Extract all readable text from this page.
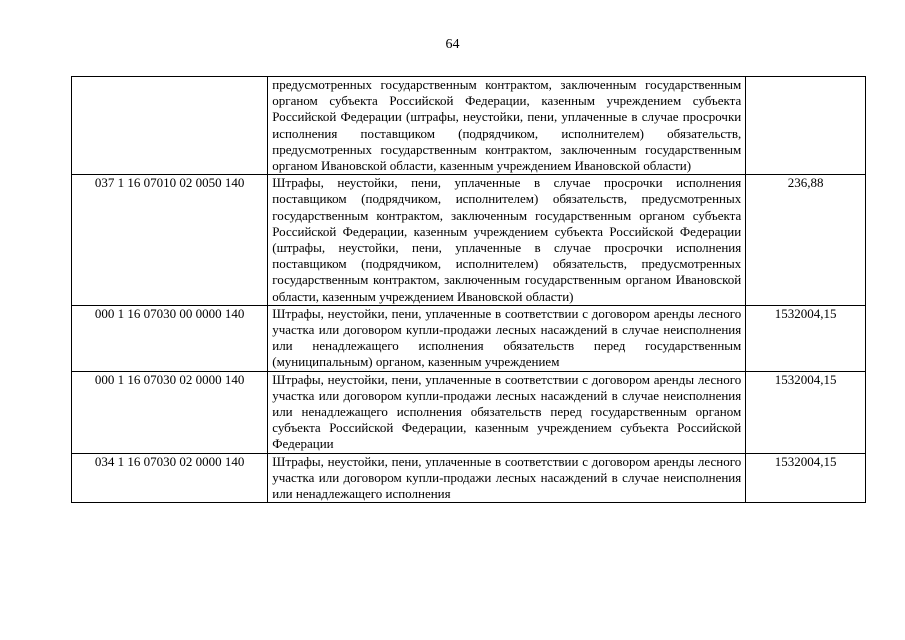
64
	предусмотренных государственным контрактом, заключенным государственным органом субъекта Российской Федерации, казенным учреждением субъекта Российской Федерации (штрафы, неустойки, пени, уплаченные в случае просрочки исполнения поставщиком (подрядчиком, исполнителем) обязательств, предусмотренных государственным контрактом, заключенным государственным органом Ивановской области, казенным учреждением Ивановской области)	
037 1 16 07010 02 0050 140	Штрафы, неустойки, пени, уплаченные в случае просрочки исполнения поставщиком (подрядчиком, исполнителем) обязательств, предусмотренных государственным контрактом, заключенным государственным органом субъекта Российской Федерации, казенным учреждением субъекта Российской Федерации (штрафы, неустойки, пени, уплаченные в случае просрочки исполнения поставщиком (подрядчиком, исполнителем) обязательств, предусмотренных государственным контрактом, заключенным государственным органом Ивановской области, казенным учреждением Ивановской области)	236,88
000 1 16 07030 00 0000 140	Штрафы, неустойки, пени, уплаченные в соответствии с договором аренды лесного участка или договором купли-продажи лесных насаждений в случае неисполнения или ненадлежащего исполнения обязательств перед государственным (муниципальным) органом, казенным учреждением	1532004,15
000 1 16 07030 02 0000 140	Штрафы, неустойки, пени, уплаченные в соответствии с договором аренды лесного участка или договором купли-продажи лесных насаждений в случае неисполнения или ненадлежащего исполнения обязательств перед государственным органом субъекта Российской Федерации, казенным учреждением субъекта Российской Федерации	1532004,15
034 1 16 07030 02 0000 140	Штрафы, неустойки, пени, уплаченные в соответствии с договором аренды лесного участка или договором купли-продажи лесных насаждений в случае неисполнения или ненадлежащего исполнения	1532004,15
